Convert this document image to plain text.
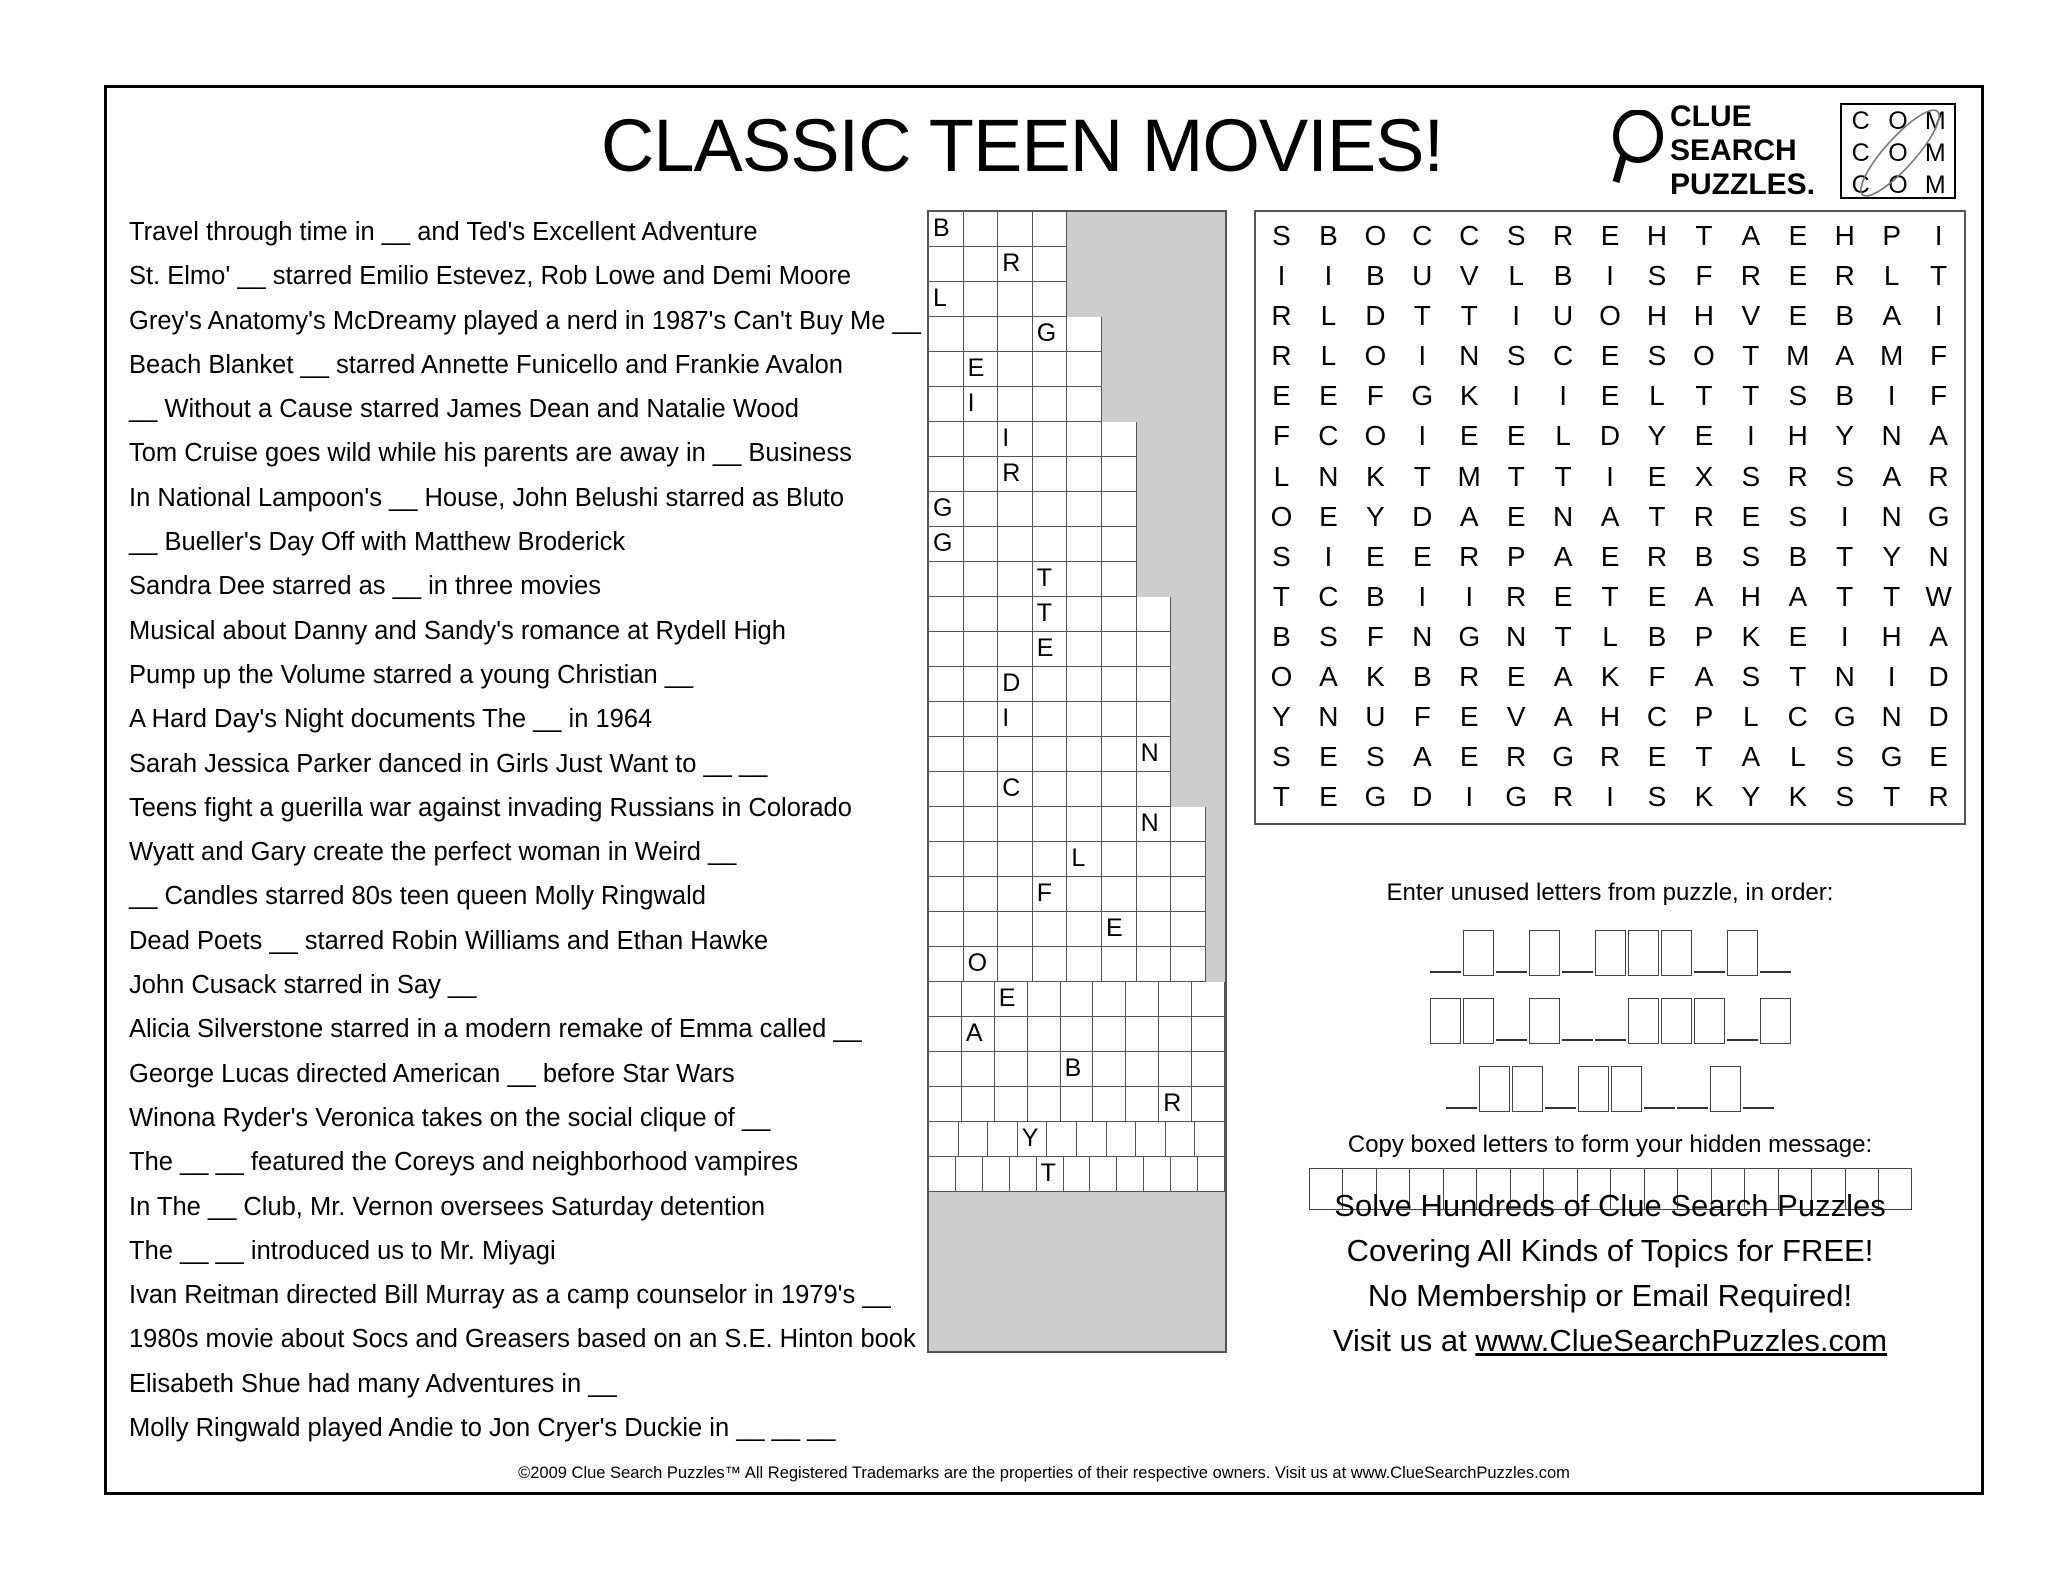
CLASSIC TEEN MOVIES!	CLUE
SEARCH
PUZZLES.
C	O	M
C	O	M
C	O	M
Travel through time in __ and Ted's Excellent Adventure
St. Elmo' __ starred Emilio Estevez, Rob Lowe and Demi Moore
Grey's Anatomy's McDreamy played a nerd in 1987's Can't Buy Me __
Beach Blanket __ starred Annette Funicello and Frankie Avalon
__ Without a Cause starred James Dean and Natalie Wood
Tom Cruise goes wild while his parents are away in __ Business
In National Lampoon's __ House, John Belushi starred as Bluto
__ Bueller's Day Off with Matthew Broderick
Sandra Dee starred as __ in three movies
Musical about Danny and Sandy's romance at Rydell High
Pump up the Volume starred a young Christian __
A Hard Day's Night documents The __ in 1964
Sarah Jessica Parker danced in Girls Just Want to __ __
Teens fight a guerilla war against invading Russians in Colorado
Wyatt and Gary create the perfect woman in Weird __
__ Candles starred 80s teen queen Molly Ringwald
Dead Poets __ starred Robin Williams and Ethan Hawke
John Cusack starred in Say __
Alicia Silverstone starred in a modern remake of Emma called __
George Lucas directed American __ before Star Wars
Winona Ryder's Veronica takes on the social clique of __
The __ __ featured the Coreys and neighborhood vampires
In The __ Club, Mr. Vernon oversees Saturday detention
The __ __ introduced us to Mr. Miyagi
Ivan Reitman directed Bill Murray as a camp counselor in 1979's __
1980s movie about Socs and Greasers based on an S.E. Hinton book
Elisabeth Shue had many Adventures in __
Molly Ringwald played Andie to Jon Cryer's Duckie in __ __ __
B
R
L
G
E
I
I
R
G
G
T
T
E
D
I
N
C
N
L
F
E
O
E
A
B
R
Y
T
S	B O C C S R E H	T	A	E H P	I
I	I	B U V	L	B	I	S	F	R E R	L	T
R	L	D	T	T	I	U O H H V	E	B	A	I
R	L	O	I	N S C E	S O T M A M F
E	E	F G K	I	I	E	L	T	T	S	B	I	F
F	C O	I	E	E	L	D Y	E	I	H Y N A
L	N K	T M T	T	I	E	X	S R S	A R
O E	Y D A	E N A	T	R E	S	I	N G
S	I	E	E R P	A	E R B	S	B	T	Y N
T	C B	I	I	R E	T	E	A H A	T	T W
B	S	F	N G N	T	L	B	P	K	E	I	H A
O A	K	B R E	A	K	F	A	S	T	N	I	D
Y N U	F	E	V	A H C P	L	C G N D
S	E	S	A	E R G R E	T	A	L	S G E
T	E G D	I	G R	I	S	K	Y	K	S	T	R
Enter unused letters from puzzle, in order:
Copy boxed letters to form your hidden message:
Solve Hundreds of Clue Search Puzzles
Covering All Kinds of Topics for FREE!
No Membership or Email Required!
Visit us at www.ClueSearchPuzzles.com
©2009 Clue Search Puzzles™ All Registered Trademarks are the properties of their respective owners. Visit us at www.ClueSearchPuzzles.com
